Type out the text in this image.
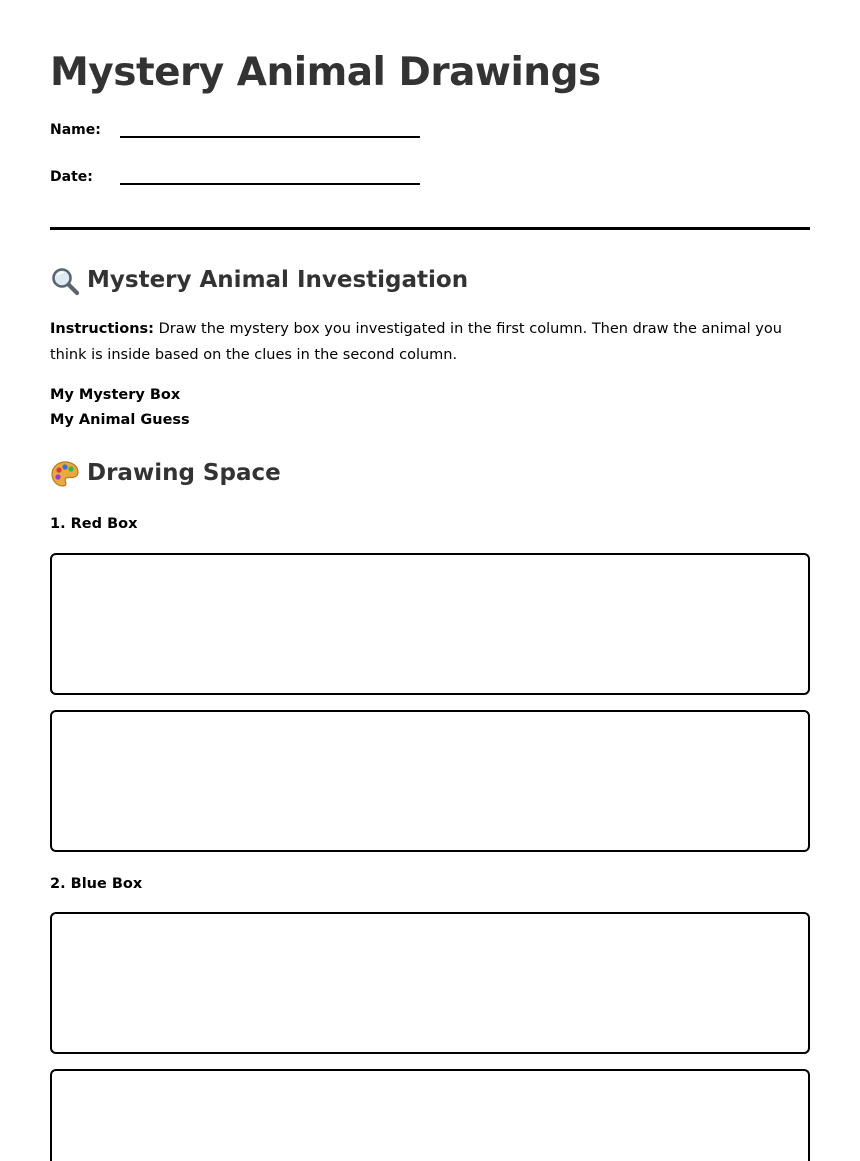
Mystery Animal Drawings
Name:
Date:
Mystery Animal Investigation
Instructions: Draw the mystery box you investigated in the first column. Then draw the animal you think is inside based on the clues in the second column.
My Mystery Box
My Animal Guess
Drawing Space
1. Red Box
2. Blue Box
